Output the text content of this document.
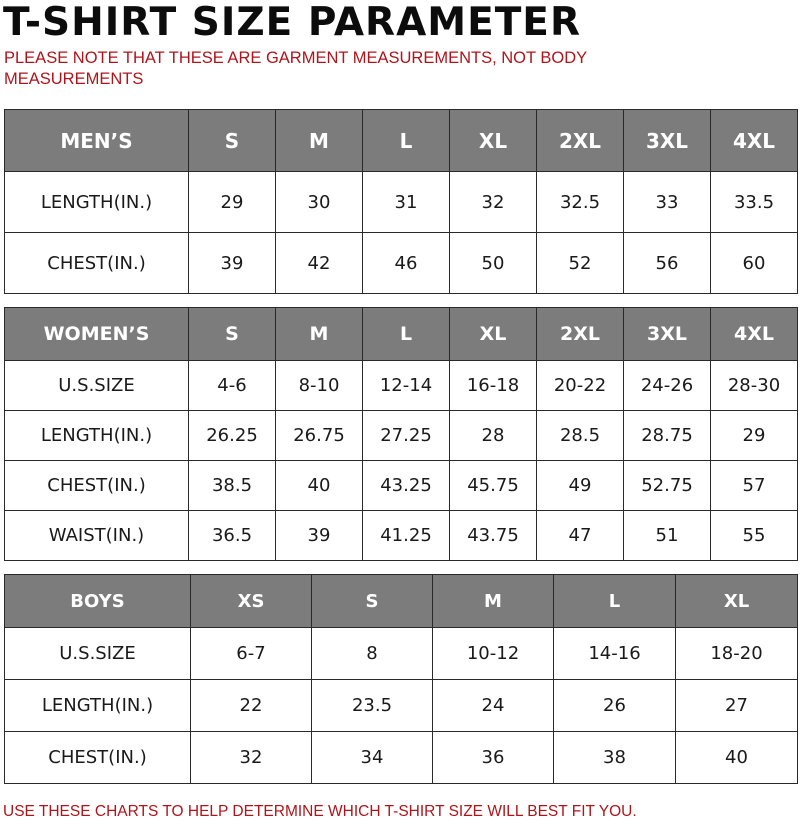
T-SHIRT SIZE PARAMETER
PLEASE NOTE THAT THESE ARE GARMENT MEASUREMENTS, NOT BODY MEASUREMENTS
MEN’S	S	M	L	XL	2XL	3XL	4XL
LENGTH(IN.)	29	30	31	32	32.5	33	33.5
CHEST(IN.)	39	42	46	50	52	56	60
WOMEN’S	S	M	L	XL	2XL	3XL	4XL
U.S.SIZE	4-6	8-10	12-14	16-18	20-22	24-26	28-30
LENGTH(IN.)	26.25	26.75	27.25	28	28.5	28.75	29
CHEST(IN.)	38.5	40	43.25	45.75	49	52.75	57
WAIST(IN.)	36.5	39	41.25	43.75	47	51	55
BOYS	XS	S	M	L	XL
U.S.SIZE	6-7	8	10-12	14-16	18-20
LENGTH(IN.)	22	23.5	24	26	27
CHEST(IN.)	32	34	36	38	40
USE THESE CHARTS TO HELP DETERMINE WHICH T-SHIRT SIZE WILL BEST FIT YOU.
